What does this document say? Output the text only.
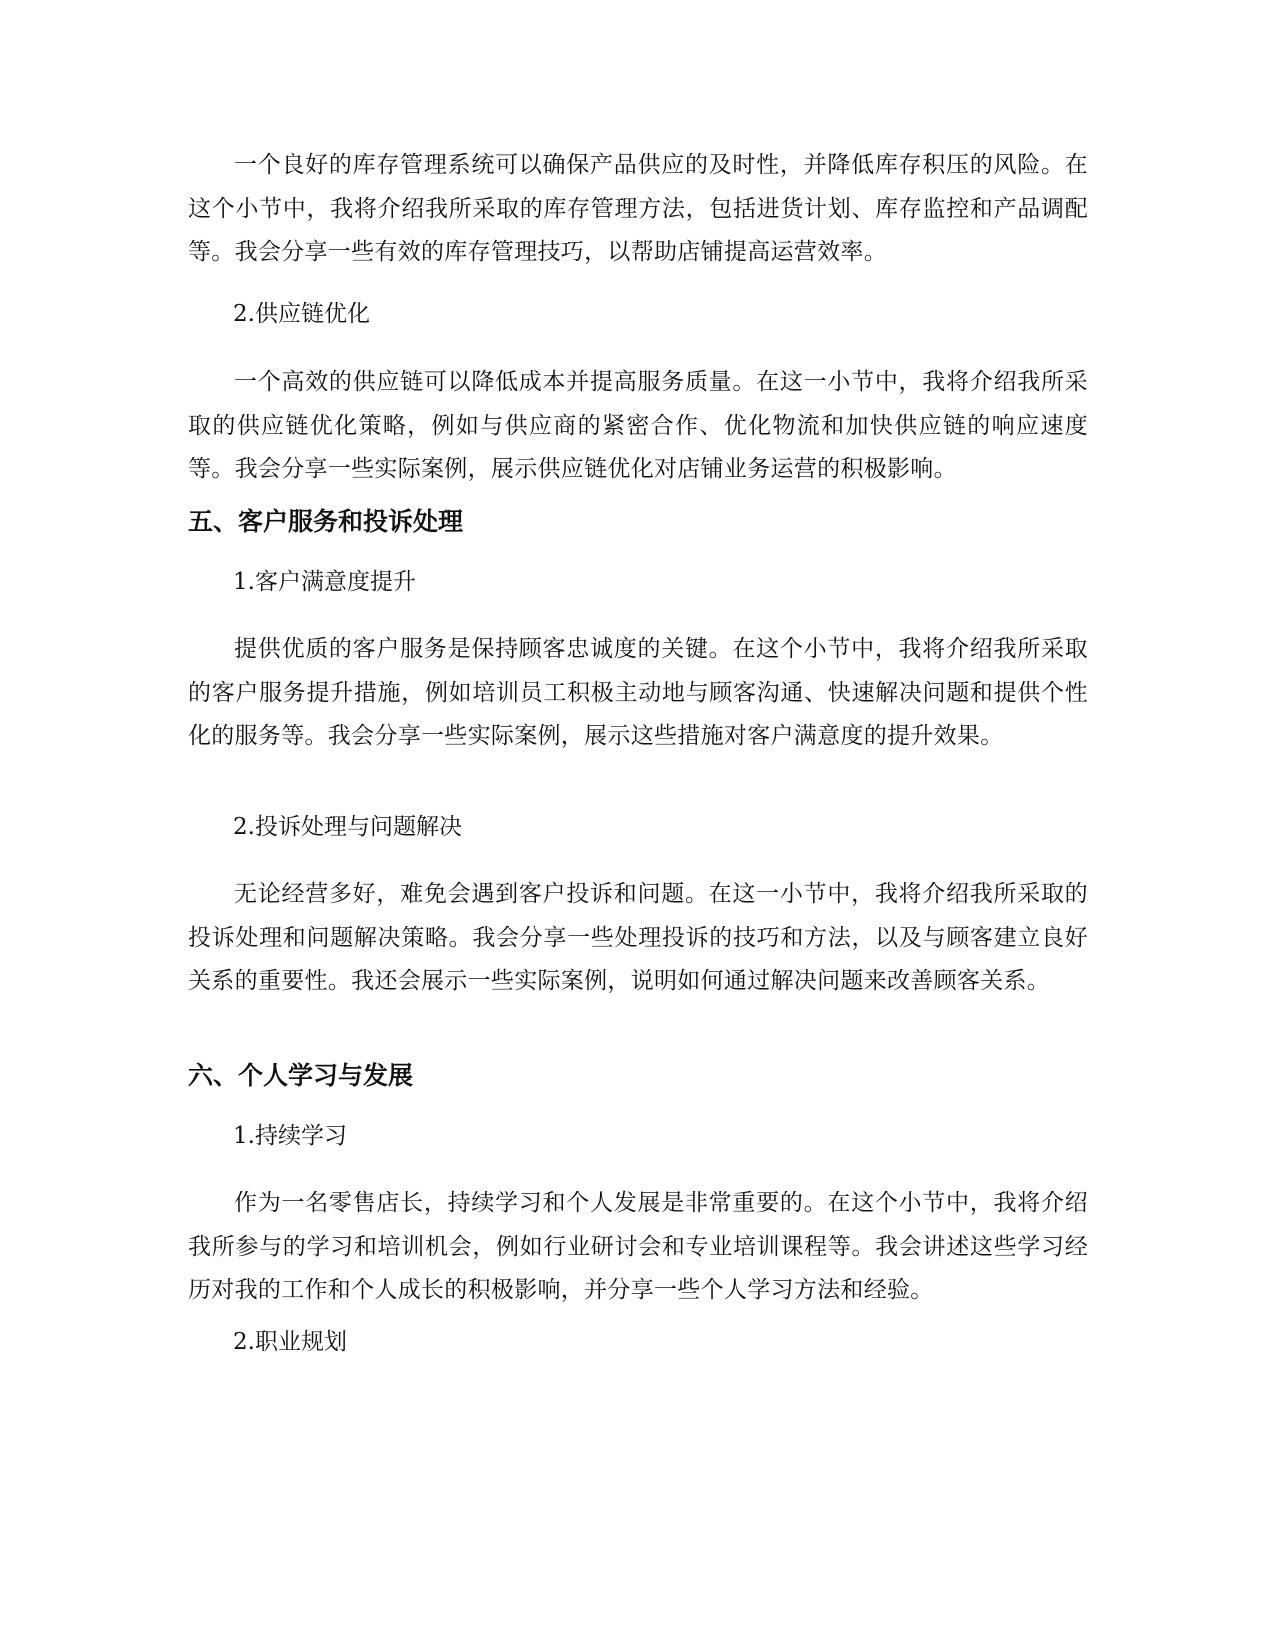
一个良好的库存管理系统可以确保产品供应的及时性，并降低库存积压的风险。在这个小节中，我将介绍我所采取的库存管理方法，包括进货计划、库存监控和产品调配等。我会分享一些有效的库存管理技巧，以帮助店铺提高运营效率。

2.供应链优化

一个高效的供应链可以降低成本并提高服务质量。在这一小节中，我将介绍我所采取的供应链优化策略，例如与供应商的紧密合作、优化物流和加快供应链的响应速度等。我会分享一些实际案例，展示供应链优化对店铺业务运营的积极影响。

五、客户服务和投诉处理

1.客户满意度提升

提供优质的客户服务是保持顾客忠诚度的关键。在这个小节中，我将介绍我所采取的客户服务提升措施，例如培训员工积极主动地与顾客沟通、快速解决问题和提供个性化的服务等。我会分享一些实际案例，展示这些措施对客户满意度的提升效果。

2.投诉处理与问题解决

无论经营多好，难免会遇到客户投诉和问题。在这一小节中，我将介绍我所采取的投诉处理和问题解决策略。我会分享一些处理投诉的技巧和方法，以及与顾客建立良好关系的重要性。我还会展示一些实际案例，说明如何通过解决问题来改善顾客关系。

六、个人学习与发展

1.持续学习

作为一名零售店长，持续学习和个人发展是非常重要的。在这个小节中，我将介绍我所参与的学习和培训机会，例如行业研讨会和专业培训课程等。我会讲述这些学习经历对我的工作和个人成长的积极影响，并分享一些个人学习方法和经验。

2.职业规划
